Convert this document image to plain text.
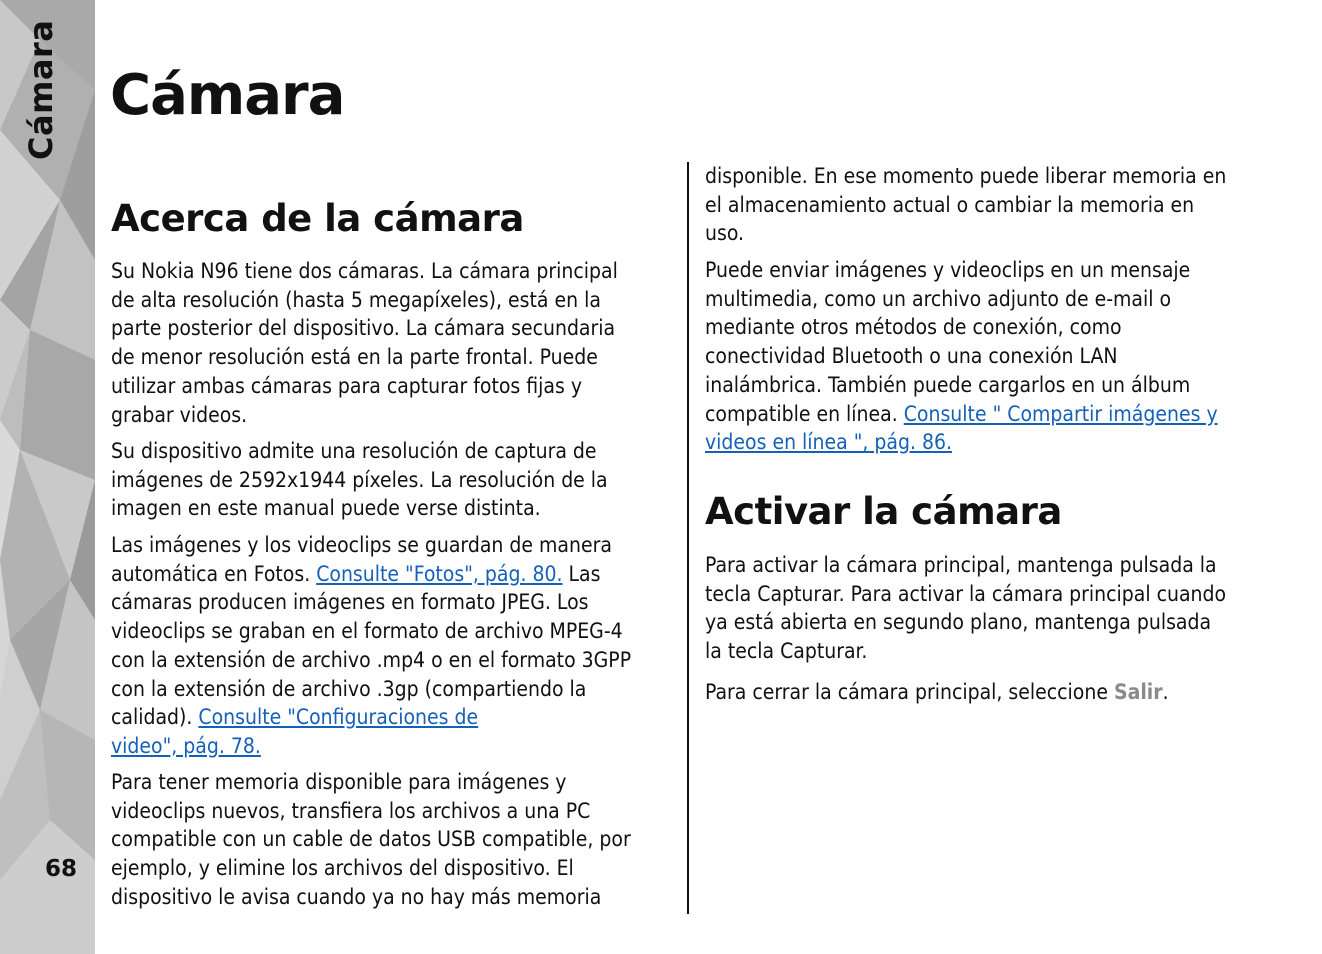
Cámara
68
Cámara
Acerca de la cámara

Su Nokia N96 tiene dos cámaras. La cámara principal
de alta resolución (hasta 5 megapíxeles), está en la
parte posterior del dispositivo. La cámara secundaria
de menor resolución está en la parte frontal. Puede
utilizar ambas cámaras para capturar fotos fijas y
grabar videos.

Su dispositivo admite una resolución de captura de
imágenes de 2592x1944 píxeles. La resolución de la
imagen en este manual puede verse distinta.

Las imágenes y los videoclips se guardan de manera
automática en Fotos. Consulte "Fotos", pág. 80. Las
cámaras producen imágenes en formato JPEG. Los
videoclips se graban en el formato de archivo MPEG-4
con la extensión de archivo .mp4 o en el formato 3GPP
con la extensión de archivo .3gp (compartiendo la
calidad). Consulte "Configuraciones de
video", pág. 78.

Para tener memoria disponible para imágenes y
videoclips nuevos, transfiera los archivos a una PC
compatible con un cable de datos USB compatible, por
ejemplo, y elimine los archivos del dispositivo. El
dispositivo le avisa cuando ya no hay más memoria

disponible. En ese momento puede liberar memoria en
el almacenamiento actual o cambiar la memoria en
uso.

Puede enviar imágenes y videoclips en un mensaje
multimedia, como un archivo adjunto de e-mail o
mediante otros métodos de conexión, como
conectividad Bluetooth o una conexión LAN
inalámbrica. También puede cargarlos en un álbum
compatible en línea. Consulte " Compartir imágenes y
videos en línea ", pág. 86.

Activar la cámara

Para activar la cámara principal, mantenga pulsada la
tecla Capturar. Para activar la cámara principal cuando
ya está abierta en segundo plano, mantenga pulsada
la tecla Capturar.

Para cerrar la cámara principal, seleccione Salir.
